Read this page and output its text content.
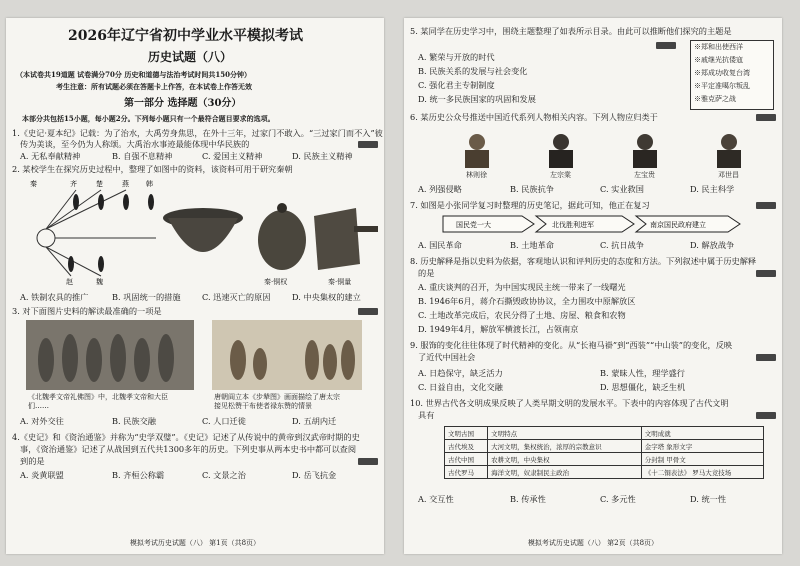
2026年辽宁省初中学业水平模拟考试
历史试题（八）
（本试卷共19道题 试卷满分70分 历史和道德与法治考试时间共150分钟）
考生注意：所有试题必须在答题卡上作答，在本试卷上作答无效
第一部分 选择题（30分）
本部分共包括15小题，每小题2分。下列每小题只有一个最符合题目要求的选项。
1.《史记·夏本纪》记载：为了治水，大禹劳身焦思，在外十三年，过家门不敢入。“三过家门而不入”彼
传为美谈，至今仍为人称颂。大禹治水事迹最能体现中华民族的
A. 无私奉献精神	B. 自强不息精神	C. 爱国主义精神	D. 民族主义精神
2. 某校学生在探究历史过程中，整理了如图中的资料，该资料可用于研究秦朝
秦	齐	楚	燕 韩
赵	魏	秦·铜权	秦·铜量
A. 铁制农具的推广	B. 巩固统一的措施	C. 迅速灭亡的原因	D. 中央集权的建立
3. 对下面图片史料的解读最准确的一项是
《北魏孝文帝礼佛图》中，北魏孝文帝和大臣
们……
唐朝阎立本《步辇图》画面描绘了唐太宗
接见松赞干布使者禄东赞的情景
A. 对外交往	B. 民族交融	C. 人口迁徙	D. 五胡内迁
4.《史记》和《资治通鉴》并称为“史学双璧”。《史记》记述了从传说中的黄帝到汉武帝时期的史
事，《资治通鉴》记述了从战国到五代共1300多年的历史。下列史事从两本史书中都可以查阅
到的是
A. 炎黄联盟	B. 齐桓公称霸	C. 文景之治	D. 岳飞抗金
模拟考试历史试题（八） 第1页（共8页）
5. 某同学在历史学习中，围绕主题整理了如表所示目录。由此可以推断他们探究的主题是
※郑和出使西洋
※戚继光抗倭寇
※郑成功收复台湾
※平定准噶尔叛乱
※雅克萨之战
A. 繁荣与开放的时代
B. 民族关系的发展与社会变化
C. 强化君主专制制度
D. 统一多民族国家的巩固和发展
6. 某历史公众号推送中国近代系列人物相关内容。下列人物应归类于
林则徐	左宗棠	左宝贵	邓世昌
A. 列强侵略	B. 民族抗争	C. 实业救国	D. 民主科学
7. 如图是小张同学复习时整理的历史笔记，据此可知，他正在复习
国民党一大	北伐胜利进军	南京国民政府建立
A. 国民革命	B. 土地革命	C. 抗日战争	D. 解放战争
8. 历史解释是指以史料为依据，客观地认识和评判历史的态度和方法。下列叙述中属于历史解释
的是
A. 重庆谈判的召开，为中国实现民主统一带来了一线曙光
B. 1946年6月，蒋介石撕毁政协协议，全力围攻中原解放区
C. 土地改革完成后，农民分得了土地、房屋、粮食和农物
D. 1949年4月，解放军横渡长江，占领南京
9. 服饰的变化往往体现了时代精神的变化。从“长袍马褂”到“西装”“中山装”的变化，反映
了近代中国社会
A. 日趋保守，缺乏活力	B. 蒙昧人性，理学盛行
C. 日益自由，文化交融	D. 思想僵化，缺乏生机
10. 世界古代各文明成果反映了人类早期文明的发展水平。下表中的内容体现了古代文明
具有
文明古国	文明特点	文明成就
古代埃及	大河文明，集权统治，浓厚的宗教意识	金字塔 象形文字
古代中国	农耕文明，中央集权	分封制 甲骨文
古代罗马	海洋文明，奴隶制民主政治	《十二铜表法》 罗马大竞技场
A. 交互性	B. 传承性	C. 多元性	D. 统一性
模拟考试历史试题（八） 第2页（共8页）
